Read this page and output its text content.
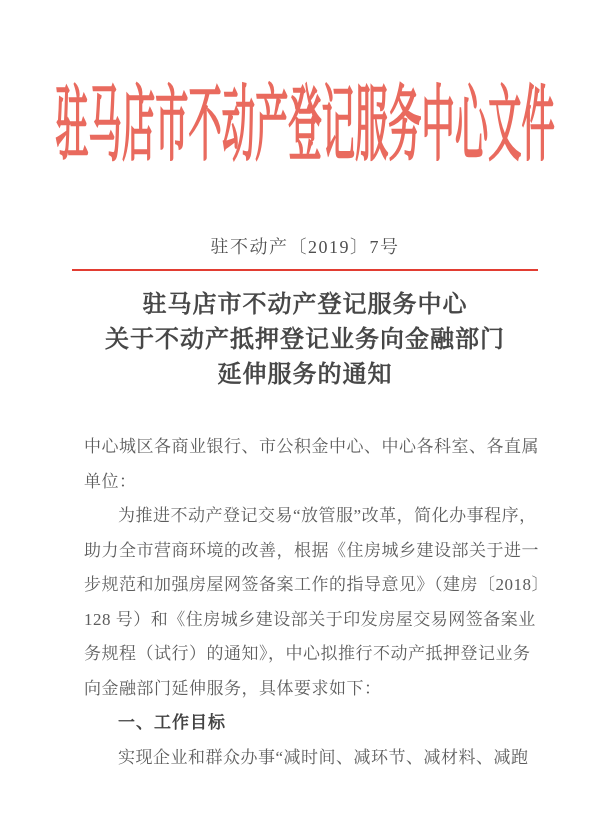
驻马店市不动产登记服务中心文件
驻不动产〔2019〕7号
驻马店市不动产登记服务中心
关于不动产抵押登记业务向金融部门
延伸服务的通知
中心城区各商业银行、市公积金中心、中心各科室、各直属
单位：
为推进不动产登记交易“放管服”改革，简化办事程序，
助力全市营商环境的改善，根据《住房城乡建设部关于进一
步规范和加强房屋网签备案工作的指导意见》（建房〔2018〕
128 号）和《住房城乡建设部关于印发房屋交易网签备案业
务规程（试行）的通知》，中心拟推行不动产抵押登记业务
向金融部门延伸服务，具体要求如下：
一、工作目标
实现企业和群众办事“减时间、减环节、减材料、减跑
